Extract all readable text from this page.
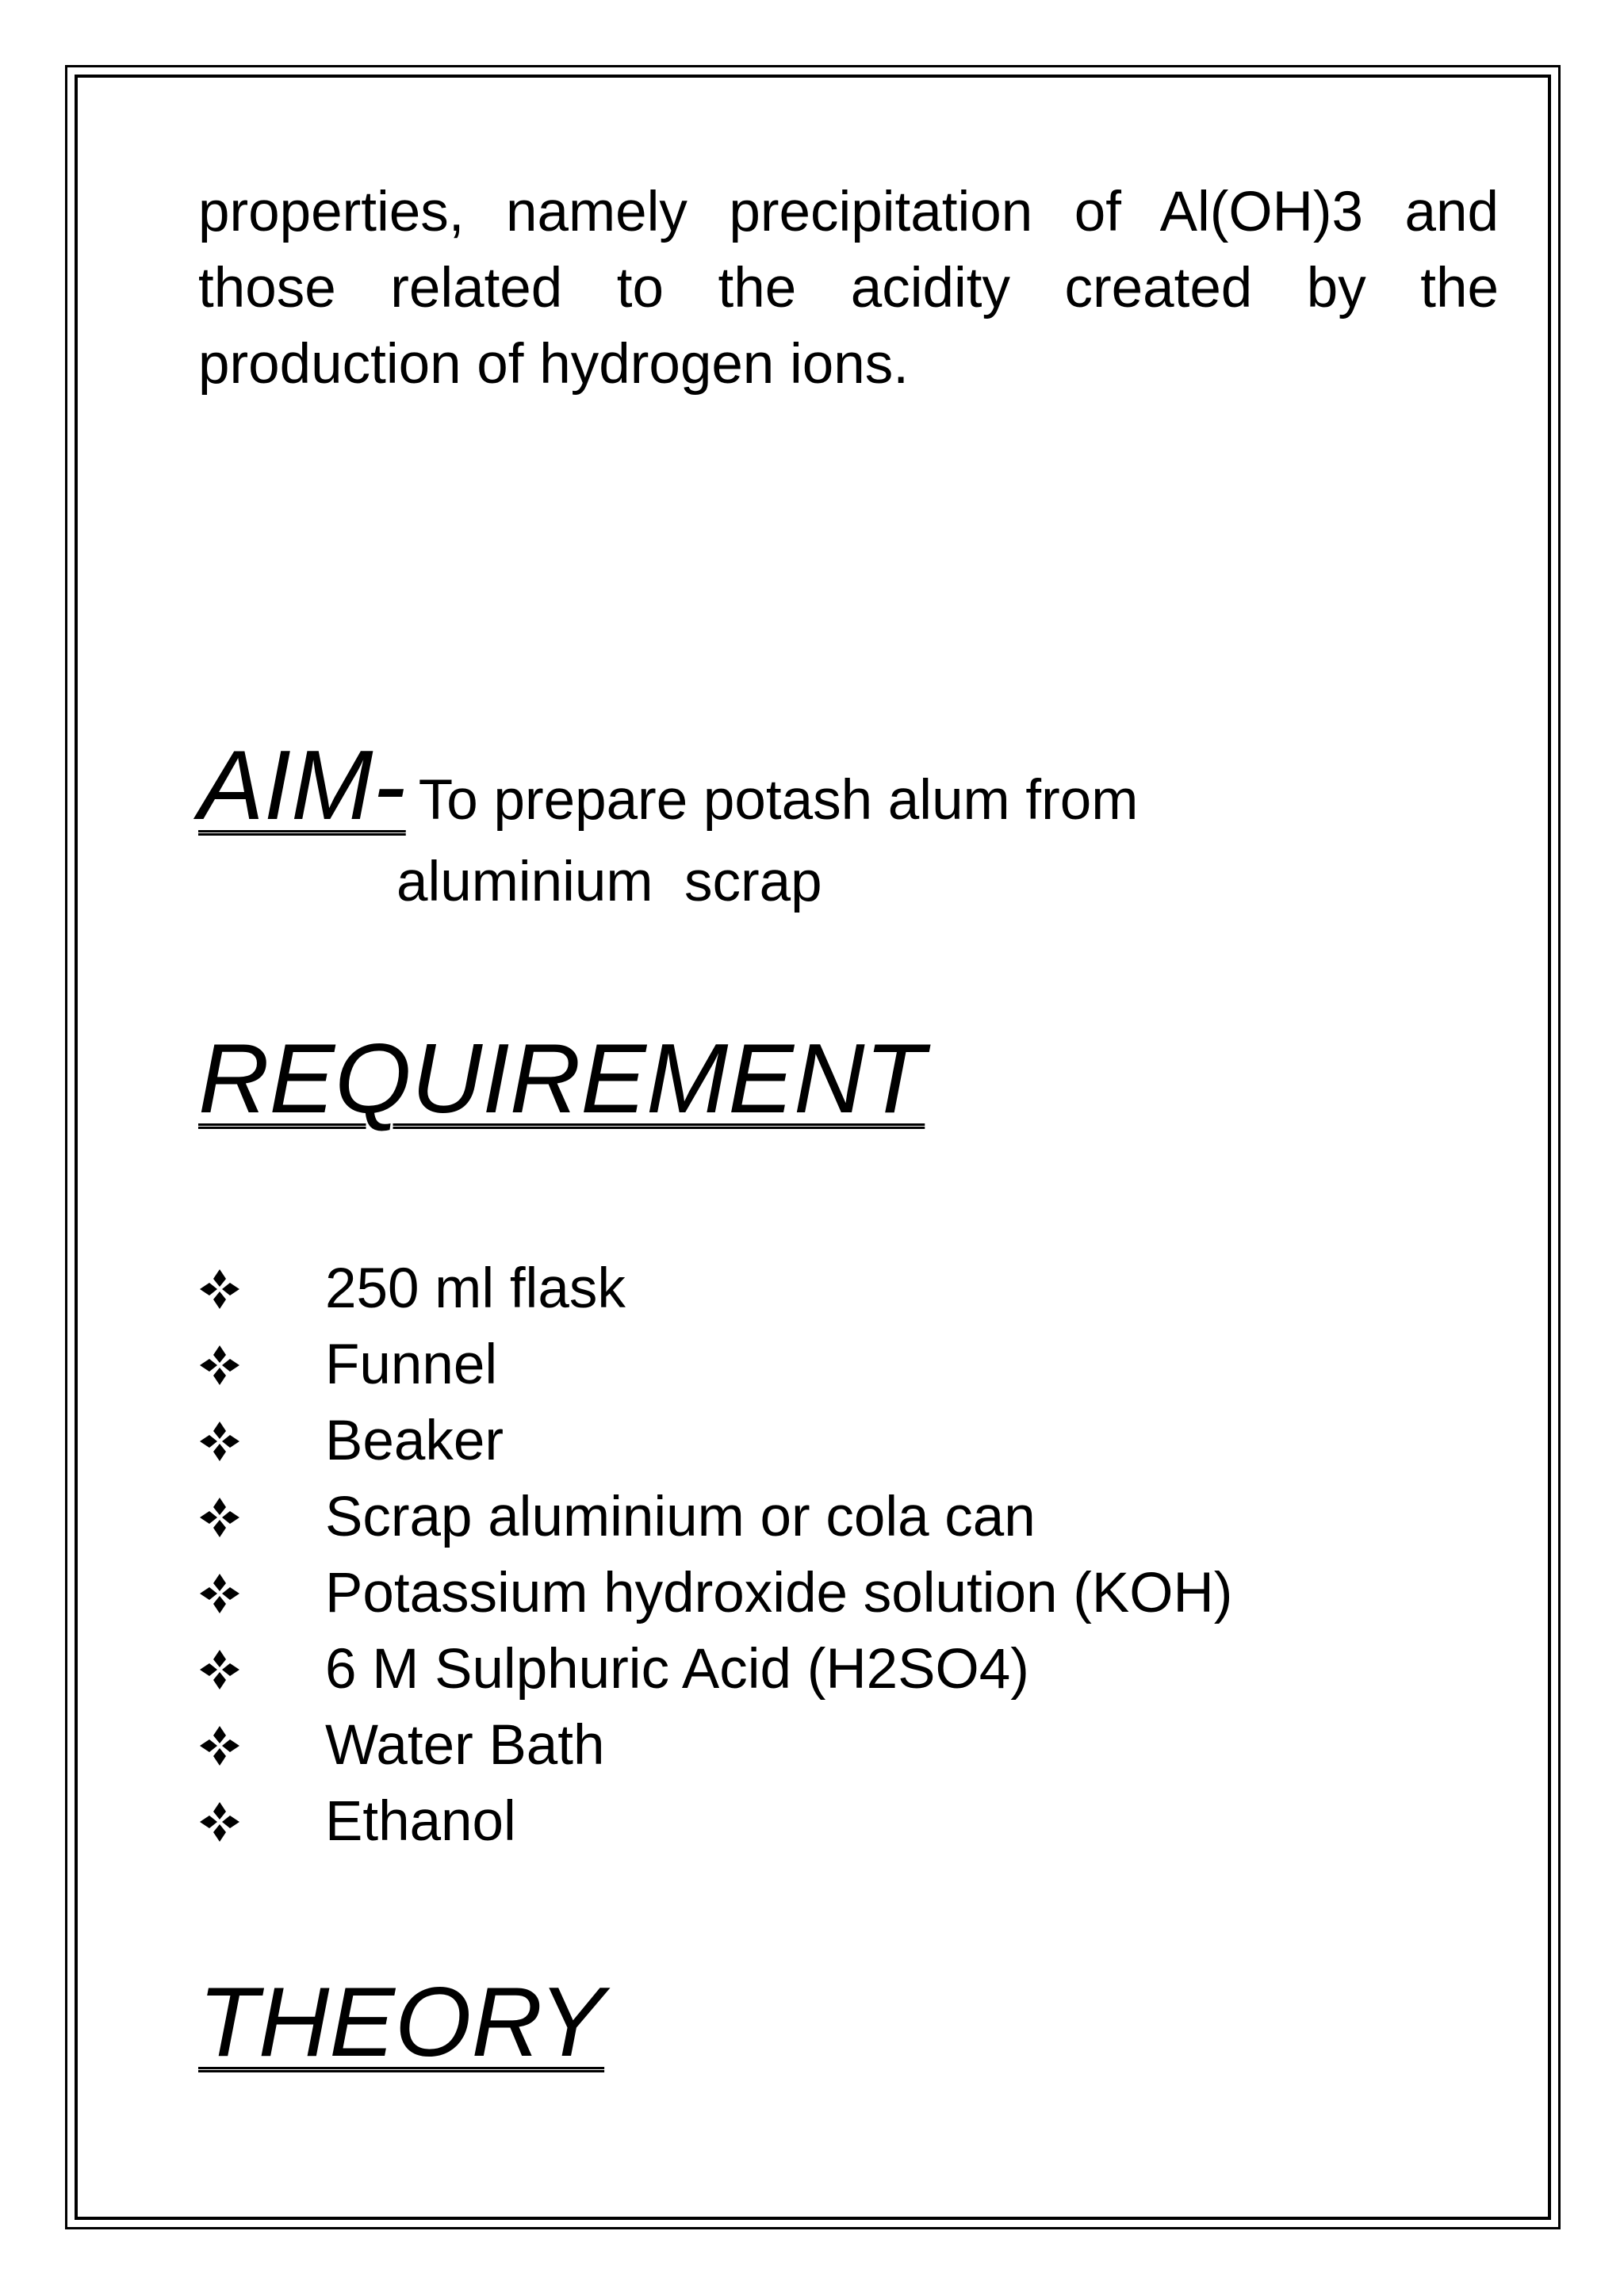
properties, namely precipitation of Al(OH)3 and those related to the acidity created by the production of hydrogen ions.

AIM- To prepare potash alum from
aluminium  scrap
REQUIREMENT
250 ml flask
Funnel
Beaker
Scrap aluminium or cola can
Potassium hydroxide solution (KOH)
6 M Sulphuric Acid (H2SO4)
Water Bath
Ethanol
THEORY
